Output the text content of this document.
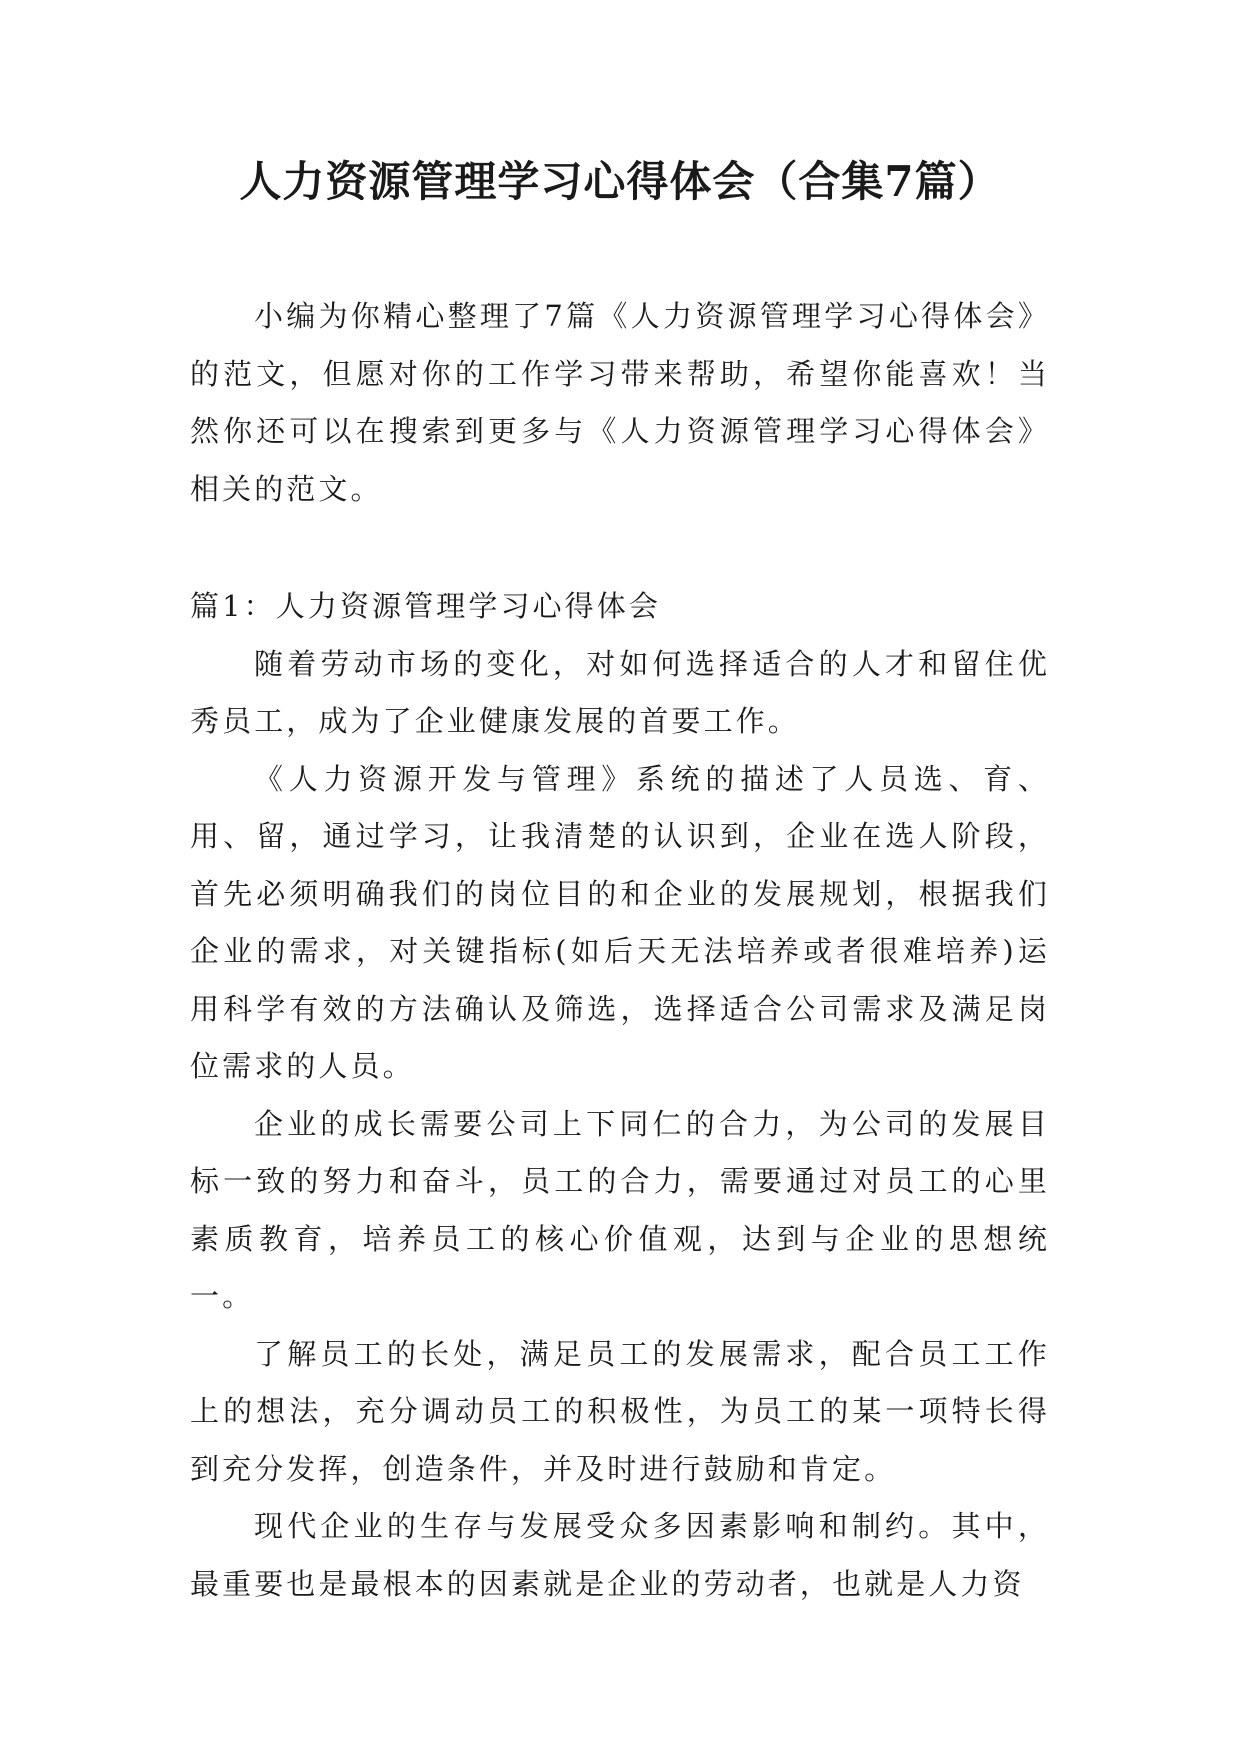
人力资源管理学习心得体会（合集7篇）

小编为你精心整理了7篇《人力资源管理学习心得体会》的范文，但愿对你的工作学习带来帮助，希望你能喜欢！当然你还可以在搜索到更多与《人力资源管理学习心得体会》相关的范文。

篇1：人力资源管理学习心得体会

随着劳动市场的变化，对如何选择适合的人才和留住优秀员工，成为了企业健康发展的首要工作。

《人力资源开发与管理》系统的描述了人员选、育、用、留，通过学习，让我清楚的认识到，企业在选人阶段，首先必须明确我们的岗位目的和企业的发展规划，根据我们企业的需求，对关键指标(如后天无法培养或者很难培养)运用科学有效的方法确认及筛选，选择适合公司需求及满足岗位需求的人员。

企业的成长需要公司上下同仁的合力，为公司的发展目标一致的努力和奋斗，员工的合力，需要通过对员工的心里素质教育，培养员工的核心价值观，达到与企业的思想统一。

了解员工的长处，满足员工的发展需求，配合员工工作上的想法，充分调动员工的积极性，为员工的某一项特长得到充分发挥，创造条件，并及时进行鼓励和肯定。

现代企业的生存与发展受众多因素影响和制约。其中，最重要也是最根本的因素就是企业的劳动者，也就是人力资
